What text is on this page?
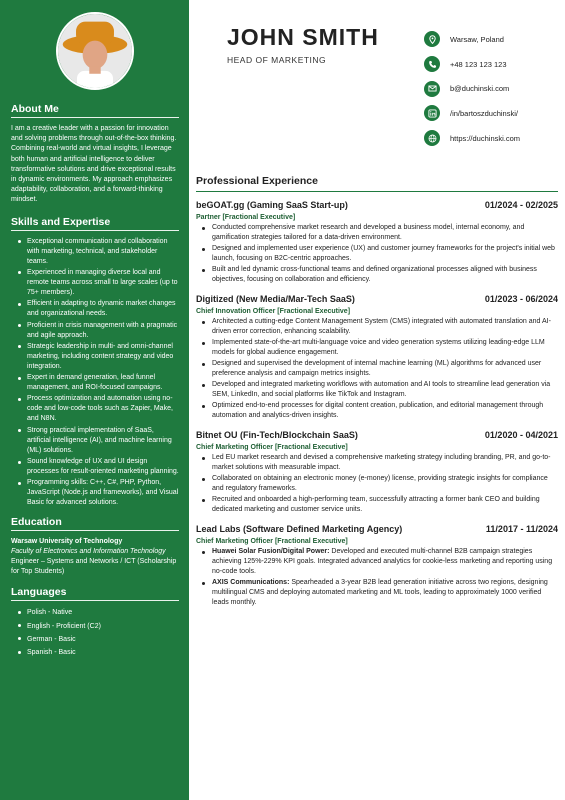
About Me
I am a creative leader with a passion for innovation and solving problems through out-of-the-box thinking. Combining real-world and virtual insights, I leverage both human and artificial intelligence to deliver transformative solutions and drive exceptional results in dynamic environments. My approach emphasizes adaptability, collaboration, and a forward-thinking mindset.
Skills and Expertise
Exceptional communication and collaboration with marketing, technical, and stakeholder teams.
Experienced in managing diverse local and remote teams across small to large scales (up to 75+ members).
Efficient in adapting to dynamic market changes and organizational needs.
Proficient in crisis management with a pragmatic and agile approach.
Strategic leadership in multi- and omni-channel marketing, including content strategy and video integration.
Expert in demand generation, lead funnel management, and ROI-focused campaigns.
Process optimization and automation using no-code and low-code tools such as Zapier, Make, and N8N.
Strong practical implementation of SaaS, artificial intelligence (AI), and machine learning (ML) solutions.
Sound knowledge of UX and UI design processes for result-oriented marketing planning.
Programming skills: C++, C#, PHP, Python, JavaScript (Node.js and frameworks), and Visual Basic for advanced solutions.
Education
Warsaw University of Technology
Faculty of Electronics and Information Technology
Engineer – Systems and Networks / ICT (Scholarship for Top Students)
Languages
Polish - Native
English - Proficient (C2)
German - Basic
Spanish - Basic
JOHN SMITH
HEAD OF MARKETING
Warsaw, Poland
+48 123 123 123
b@duchinski.com
/in/bartoszduchinski/
https://duchinski.com
Professional Experience
beGOAT.gg (Gaming SaaS Start-up)	01/2024 - 02/2025
Partner [Fractional Executive]
Conducted comprehensive market research and developed a business model, internal economy, and gamification strategies tailored for a data-driven environment.
Designed and implemented user experience (UX) and customer journey frameworks for the project's initial web launch, focusing on B2C-centric approaches.
Built and led dynamic cross-functional teams and defined organizational processes aligned with business objectives, focusing on collaboration and efficiency.
Digitized (New Media/Mar-Tech SaaS)	01/2023 - 06/2024
Chief Innovation Officer [Fractional Executive]
Architected a cutting-edge Content Management System (CMS) integrated with automated translation and AI-driven error correction, enhancing scalability.
Implemented state-of-the-art multi-language voice and video generation systems utilizing leading-edge LLM models for global audience engagement.
Designed and supervised the development of internal machine learning (ML) algorithms for advanced user preference analysis and campaign metrics insights.
Developed and integrated marketing workflows with automation and AI tools to streamline lead generation via SEM, LinkedIn, and social platforms like TikTok and Instagram.
Optimized end-to-end processes for digital content creation, publication, and editorial management through automation and analytics-driven insights.
Bitnet OU (Fin-Tech/Blockchain SaaS)	01/2020 - 04/2021
Chief Marketing Officer [Fractional Executive]
Led EU market research and devised a comprehensive marketing strategy including branding, PR, and go-to-market solutions with measurable impact.
Collaborated on obtaining an electronic money (e-money) license, providing strategic insights for compliance and regulatory frameworks.
Recruited and onboarded a high-performing team, successfully attracting a former bank CEO and building dedicated marketing and customer service units.
Lead Labs (Software Defined Marketing Agency)	11/2017 - 11/2024
Chief Marketing Officer [Fractional Executive]
Huawei Solar Fusion/Digital Power: Developed and executed multi-channel B2B campaign strategies achieving 125%-229% KPI goals. Integrated advanced analytics for cookie-less marketing and reporting using no-code tools.
AXIS Communications: Spearheaded a 3-year B2B lead generation initiative across two regions, designing multilingual CMS and deploying automated marketing and ML tools, leading to approximately 1000 verified leads monthly.
